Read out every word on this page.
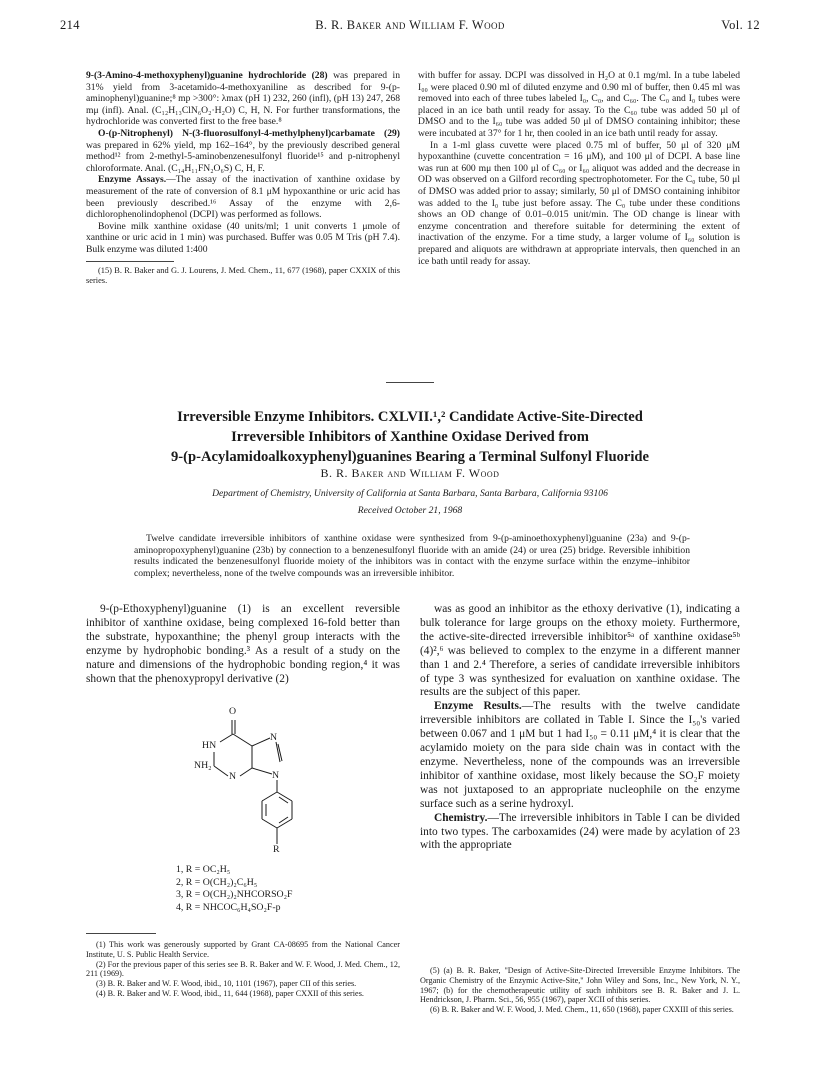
214	B. R. Baker and William F. Wood	Vol. 12

9-(3-Amino-4-methoxyphenyl)guanine hydrochloride (28) was prepared in 31% yield from 3-acetamido-4-methoxyaniline as described for 9-(p-aminophenyl)guanine;⁸ mp >300°: λmax (pH 1) 232, 260 (infl), (pH 13) 247, 268 mμ (infl). Anal. (C₁₂H₁₃ClN₆O₂·H₂O) C, H, N. For further transformations, the hydrochloride was converted first to the free base.⁸

O-(p-Nitrophenyl) N-(3-fluorosulfonyl-4-methylphenyl)carbamate (29) was prepared in 62% yield, mp 162–164°, by the previously described general method¹² from 2-methyl-5-aminobenzenesulfonyl fluoride¹⁵ and p-nitrophenyl chloroformate. Anal. (C₁₄H₁₁FN₂O₆S) C, H, F.

Enzyme Assays.—The assay of the inactivation of xanthine oxidase by measurement of the rate of conversion of 8.1 μM hypoxanthine or uric acid has been previously described.¹⁶ Assay of the enzyme with 2,6-dichlorophenolindophenol (DCPI) was performed as follows.

Bovine milk xanthine oxidase (40 units/ml; 1 unit converts 1 μmole of xanthine or uric acid in 1 min) was purchased. Buffer was 0.05 M Tris (pH 7.4). Bulk enzyme was diluted 1:400

(15) B. R. Baker and G. J. Lourens, J. Med. Chem., 11, 677 (1968), paper CXXIX of this series.

with buffer for assay. DCPI was dissolved in H₂O at 0.1 mg/ml. In a tube labeled I₀₀ were placed 0.90 ml of diluted enzyme and 0.90 ml of buffer, then 0.45 ml was removed into each of three tubes labeled I₀, C₀, and C₆₀. The C₀ and I₀ tubes were placed in an ice bath until ready for assay. To the C₆₀ tube was added 50 μl of DMSO and to the I₆₀ tube was added 50 μl of DMSO containing inhibitor; these were incubated at 37° for 1 hr, then cooled in an ice bath until ready for assay.

In a 1-ml glass cuvette were placed 0.75 ml of buffer, 50 μl of 320 μM hypoxanthine (cuvette concentration = 16 μM), and 100 μl of DCPI. A base line was run at 600 mμ then 100 μl of C₆₀ or I₆₀ aliquot was added and the decrease in OD was observed on a Gilford recording spectrophotometer. For the C₀ tube, 50 μl of DMSO was added prior to assay; similarly, 50 μl of DMSO containing inhibitor was added to the I₀ tube just before assay. The C₀ tube under these conditions shows an OD change of 0.01–0.015 unit/min. The OD change is linear with enzyme concentration and therefore suitable for determining the extent of inactivation of the enzyme. For a time study, a larger volume of I₆₀ solution is prepared and aliquots are withdrawn at appropriate intervals, then quenched in an ice bath until ready for assay.

Irreversible Enzyme Inhibitors. CXLVII.¹,² Candidate Active-Site-Directed
Irreversible Inhibitors of Xanthine Oxidase Derived from
9-(p-Acylamidoalkoxyphenyl)guanines Bearing a Terminal Sulfonyl Fluoride
B. R. Baker and William F. Wood
Department of Chemistry, University of California at Santa Barbara, Santa Barbara, California 93106
Received October 21, 1968

Twelve candidate irreversible inhibitors of xanthine oxidase were synthesized from 9-(p-aminoethoxyphenyl)guanine (23a) and 9-(p-aminopropoxyphenyl)guanine (23b) by connection to a benzenesulfonyl fluoride with an amide (24) or urea (25) bridge. Reversible inhibition results indicated the benzenesulfonyl fluoride moiety of the inhibitors was in contact with the enzyme surface within the enzyme–inhibitor complex; nevertheless, none of the twelve compounds was an irreversible inhibitor.

9-(p-Ethoxyphenyl)guanine (1) is an excellent reversible inhibitor of xanthine oxidase, being complexed 16-fold better than the substrate, hypoxanthine; the phenyl group interacts with the enzyme by hydrophobic bonding.³ As a result of a study on the nature and dimensions of the hydrophobic bonding region,⁴ it was shown that the phenoxypropyl derivative (2)

O
HN
NH₂
N
N
N
R
1, R = OC₂H₅
2, R = O(CH₂)₂C₆H₅
3, R = O(CH₂)₂NHCORSO₂F
4, R = NHCOC₆H₄SO₂F-p

was as good an inhibitor as the ethoxy derivative (1), indicating a bulk tolerance for large groups on the ethoxy moiety. Furthermore, the active-site-directed irreversible inhibitor⁵ᵃ of xanthine oxidase⁵ᵇ (4)²,⁶ was believed to complex to the enzyme in a different manner than 1 and 2.⁴ Therefore, a series of candidate irreversible inhibitors of type 3 was synthesized for evaluation on xanthine oxidase. The results are the subject of this paper.

Enzyme Results.—The results with the twelve candidate irreversible inhibitors are collated in Table I. Since the I₅₀'s varied between 0.067 and 1 μM but 1 had I₅₀ = 0.11 μM,⁴ it is clear that the acylamido moiety on the para side chain was in contact with the enzyme. Nevertheless, none of the compounds was an irreversible inhibitor of xanthine oxidase, most likely because the SO₂F moiety was not juxtaposed to an appropriate nucleophile on the enzyme surface such as a serine hydroxyl.

Chemistry.—The irreversible inhibitors in Table I can be divided into two types. The carboxamides (24) were made by acylation of 23 with the appropriate

(1) This work was generously supported by Grant CA-08695 from the National Cancer Institute, U. S. Public Health Service.

(2) For the previous paper of this series see B. R. Baker and W. F. Wood, J. Med. Chem., 12, 211 (1969).

(3) B. R. Baker and W. F. Wood, ibid., 10, 1101 (1967), paper CII of this series.

(4) B. R. Baker and W. F. Wood, ibid., 11, 644 (1968), paper CXXII of this series.

(5) (a) B. R. Baker, "Design of Active-Site-Directed Irreversible Enzyme Inhibitors. The Organic Chemistry of the Enzymic Active-Site," John Wiley and Sons, Inc., New York, N. Y., 1967; (b) for the chemotherapeutic utility of such inhibitors see B. R. Baker and J. L. Hendrickson, J. Pharm. Sci., 56, 955 (1967), paper XCII of this series.

(6) B. R. Baker and W. F. Wood, J. Med. Chem., 11, 650 (1968), paper CXXIII of this series.
